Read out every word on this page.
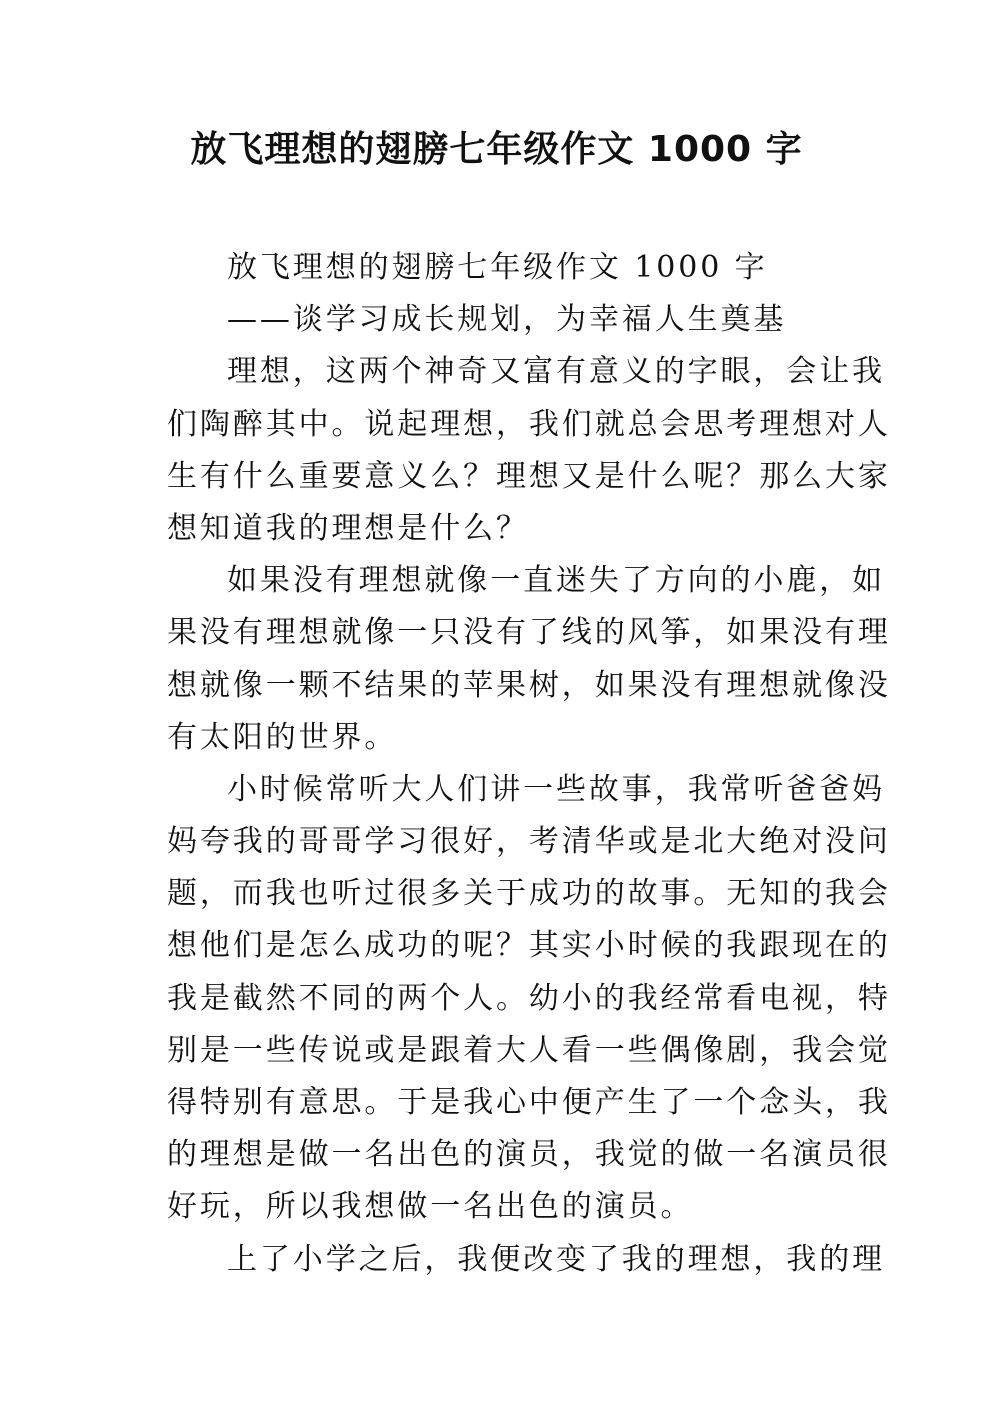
放飞理想的翅膀七年级作文 1000 字
放飞理想的翅膀七年级作文 1000 字
——谈学习成长规划，为幸福人生奠基
理想，这两个神奇又富有意义的字眼，会让我
们陶醉其中。说起理想，我们就总会思考理想对人
生有什么重要意义么？理想又是什么呢？那么大家
想知道我的理想是什么？
如果没有理想就像一直迷失了方向的小鹿，如
果没有理想就像一只没有了线的风筝，如果没有理
想就像一颗不结果的苹果树，如果没有理想就像没
有太阳的世界。
小时候常听大人们讲一些故事，我常听爸爸妈
妈夸我的哥哥学习很好，考清华或是北大绝对没问
题，而我也听过很多关于成功的故事。无知的我会
想他们是怎么成功的呢？其实小时候的我跟现在的
我是截然不同的两个人。幼小的我经常看电视，特
别是一些传说或是跟着大人看一些偶像剧，我会觉
得特别有意思。于是我心中便产生了一个念头，我
的理想是做一名出色的演员，我觉的做一名演员很
好玩，所以我想做一名出色的演员。
上了小学之后，我便改变了我的理想，我的理
